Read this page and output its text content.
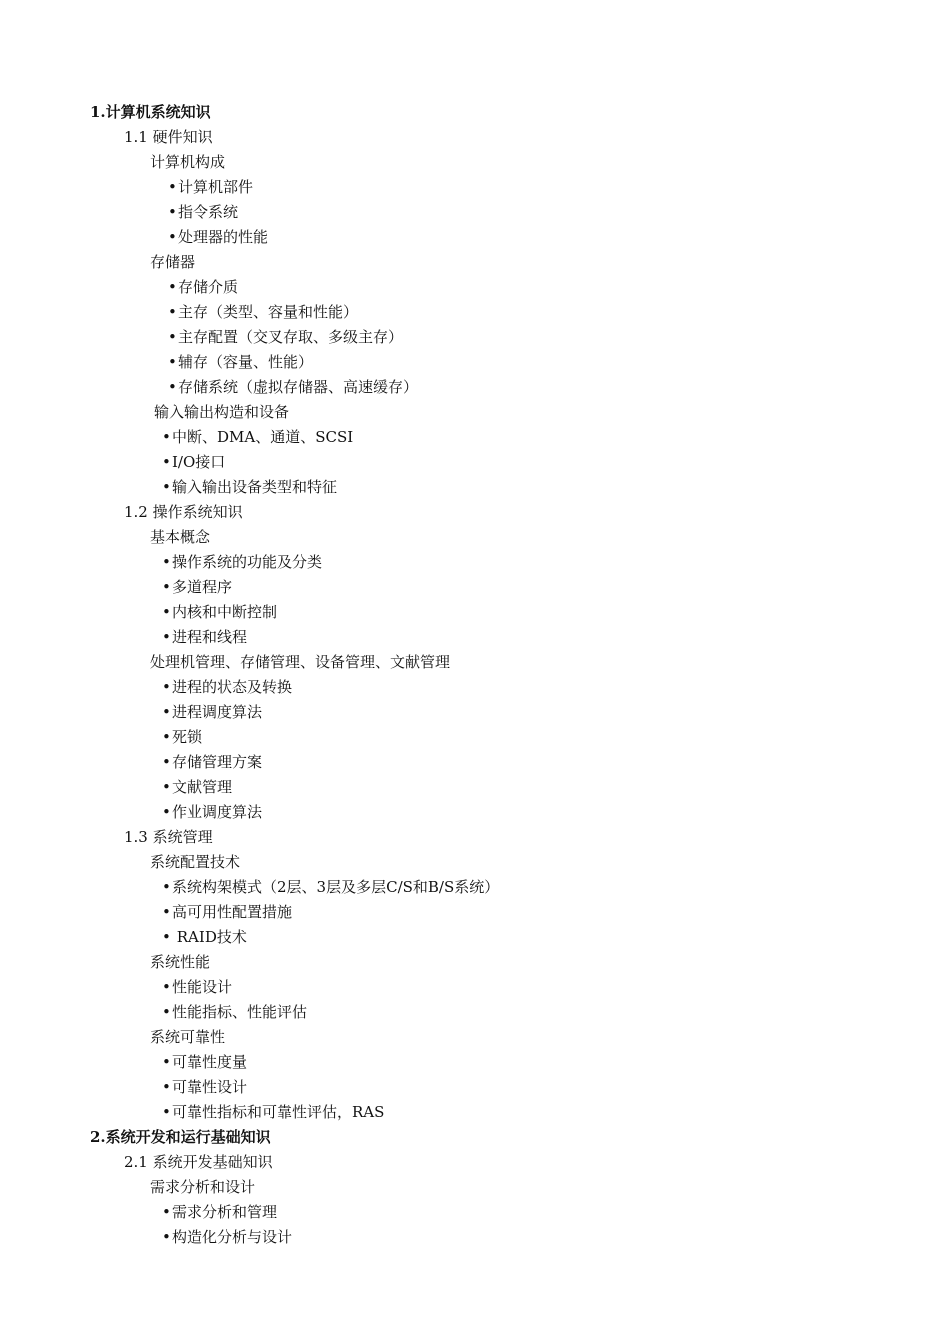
1.计算机系统知识
1.1 硬件知识
计算机构成
•计算机部件
•指令系统
•处理器的性能
存储器
•存储介质
•主存（类型、容量和性能）
•主存配置（交叉存取、多级主存）
•辅存（容量、性能）
•存储系统（虚拟存储器、高速缓存）
输入输出构造和设备
•中断、DMA、通道、SCSI
•I/O接口
•输入输出设备类型和特征
1.2 操作系统知识
基本概念
•操作系统的功能及分类
•多道程序
•内核和中断控制
•进程和线程
处理机管理、存储管理、设备管理、文献管理
•进程的状态及转换
•进程调度算法
•死锁
•存储管理方案
•文献管理
•作业调度算法
1.3 系统管理
系统配置技术
•系统构架模式（2层、3层及多层C/S和B/S系统）
•高可用性配置措施
• RAID技术
系统性能
•性能设计
•性能指标、性能评估
系统可靠性
•可靠性度量
•可靠性设计
•可靠性指标和可靠性评估，RAS
2.系统开发和运行基础知识
2.1 系统开发基础知识
需求分析和设计
•需求分析和管理
•构造化分析与设计
